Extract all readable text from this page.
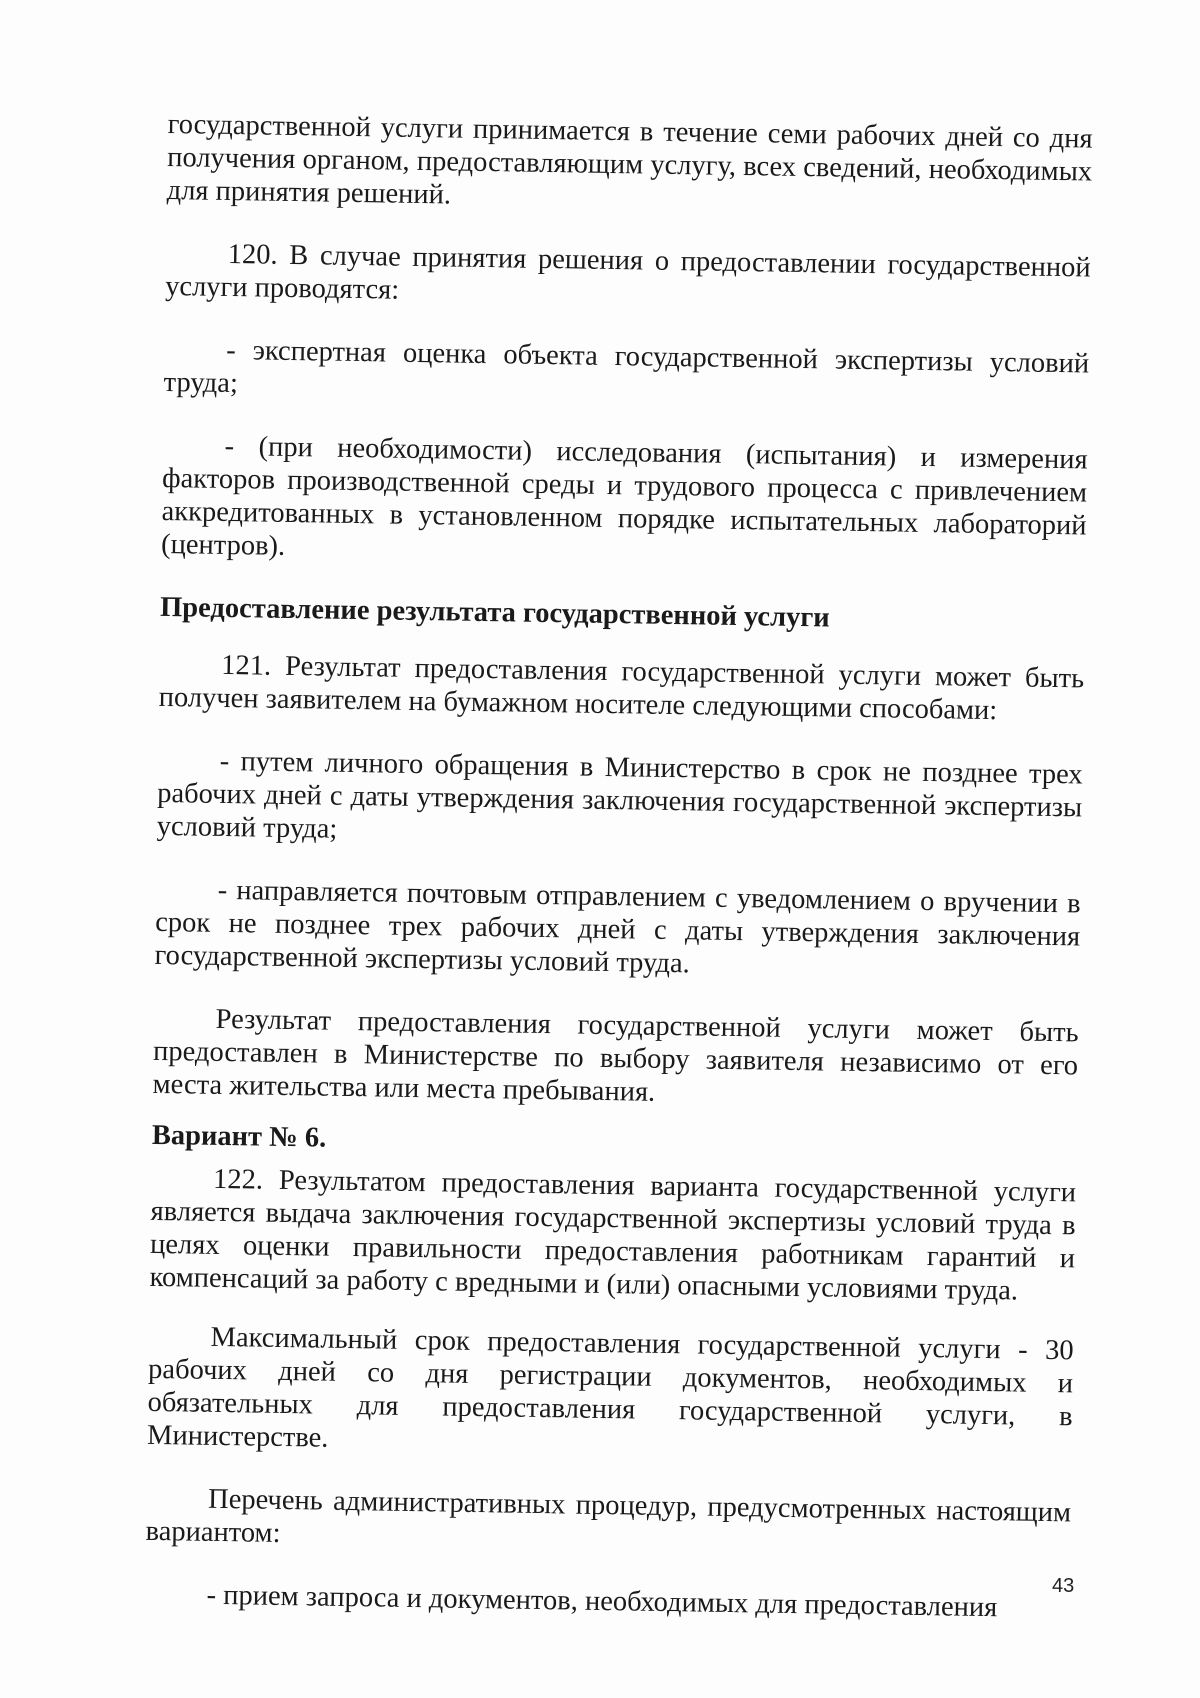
государственной услуги принимается в течение семи рабочих дней со дня получения органом, предоставляющим услугу, всех сведений, необходимых для принятия решений.

120. В случае принятия решения о предоставлении государственной услуги проводятся:

- экспертная оценка объекта государственной экспертизы условий труда;

- (при необходимости) исследования (испытания) и измерения факторов производственной среды и трудового процесса с привлечением аккредитованных в установленном порядке испытательных лабораторий (центров).

Предоставление результата государственной услуги

121. Результат предоставления государственной услуги может быть получен заявителем на бумажном носителе следующими способами:

- путем личного обращения в Министерство в срок не позднее трех рабочих дней с даты утверждения заключения государственной экспертизы условий труда;

- направляется почтовым отправлением с уведомлением о вручении в срок не позднее трех рабочих дней с даты утверждения заключения государственной экспертизы условий труда.

Результат предоставления государственной услуги может быть предоставлен в Министерстве по выбору заявителя независимо от его места жительства или места пребывания.

Вариант № 6.

122. Результатом предоставления варианта государственной услуги является выдача заключения государственной экспертизы условий труда в целях оценки правильности предоставления работникам гарантий и компенсаций за работу с вредными и (или) опасными условиями труда.

Максимальный срок предоставления государственной услуги - 30 рабочих дней со дня регистрации документов, необходимых и обязательных для предоставления государственной услуги, в Министерстве.

Перечень административных процедур, предусмотренных настоящим вариантом:

- прием запроса и документов, необходимых для предоставления	43
